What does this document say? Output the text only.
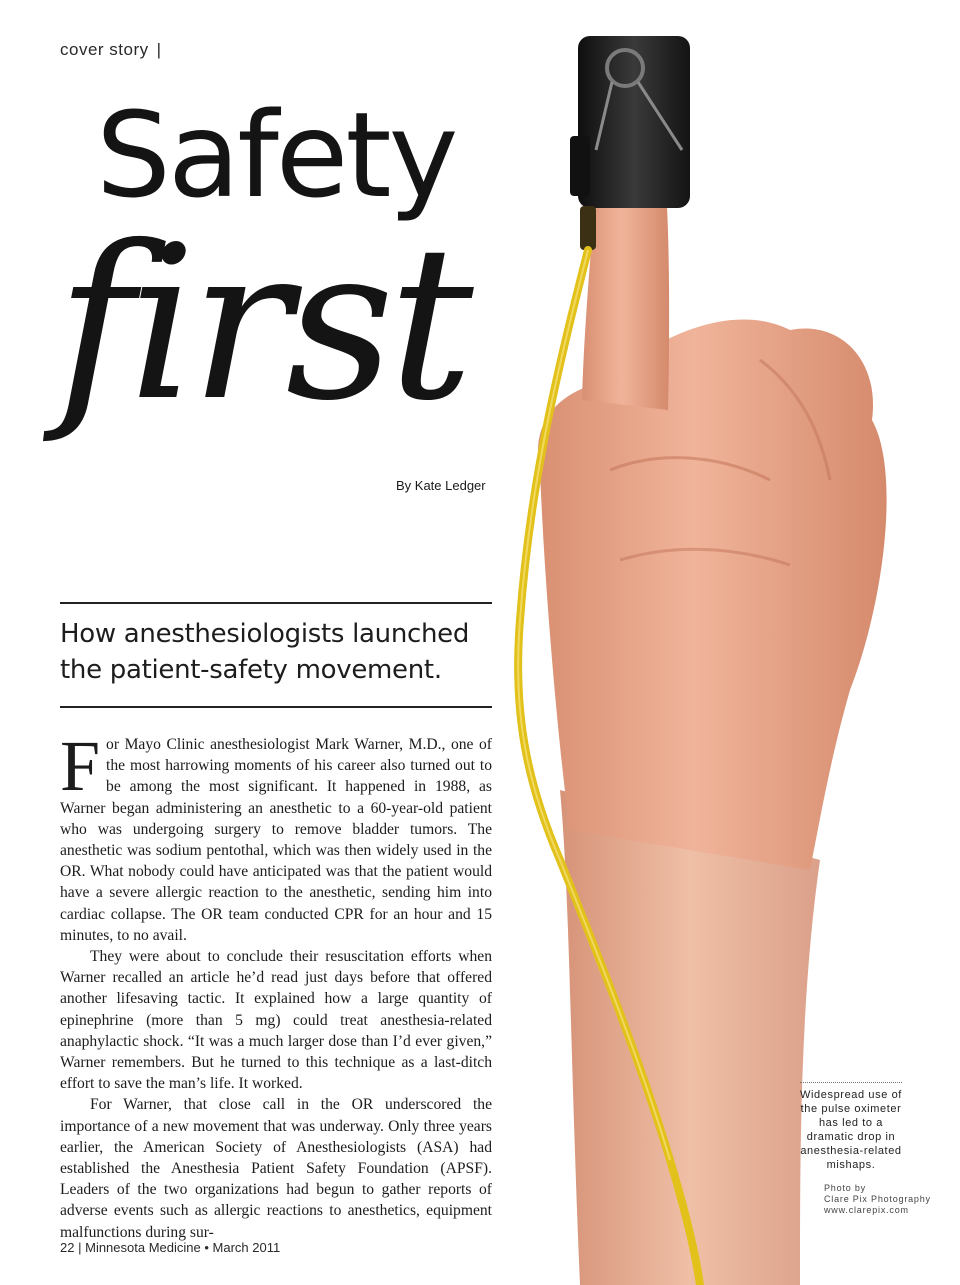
cover story |
Safety
first
By Kate Ledger
How anesthesiologists launched the patient-safety movement.

For Mayo Clinic anesthesiologist Mark Warner, M.D., one of the most harrowing moments of his career also turned out to be among the most significant. It happened in 1988, as Warner began administering an anesthetic to a 60-year-old patient who was undergoing surgery to remove bladder tumors. The anesthetic was sodium pentothal, which was then widely used in the OR. What nobody could have anticipated was that the patient would have a severe allergic reaction to the anesthetic, sending him into cardiac collapse. The OR team conducted CPR for an hour and 15 minutes, to no avail.

They were about to conclude their resuscitation efforts when Warner recalled an article he’d read just days before that offered another lifesaving tactic. It explained how a large quantity of epinephrine (more than 5 mg) could treat anesthesia-related anaphylactic shock. “It was a much larger dose than I’d ever given,” Warner remembers. But he turned to this technique as a last-ditch effort to save the man’s life. It worked.

For Warner, that close call in the OR underscored the importance of a new movement that was underway. Only three years earlier, the American Society of Anesthesiologists (ASA) had established the Anesthesia Patient Safety Foundation (APSF). Leaders of the two organizations had begun to gather reports of adverse events such as allergic reactions to anesthetics, equipment malfunctions during sur-

22 | Minnesota Medicine • March 2011
Widespread use of the pulse oximeter has led to a dramatic drop in anesthesia-related mishaps.
Photo by
Clare Pix Photography
www.clarepix.com
